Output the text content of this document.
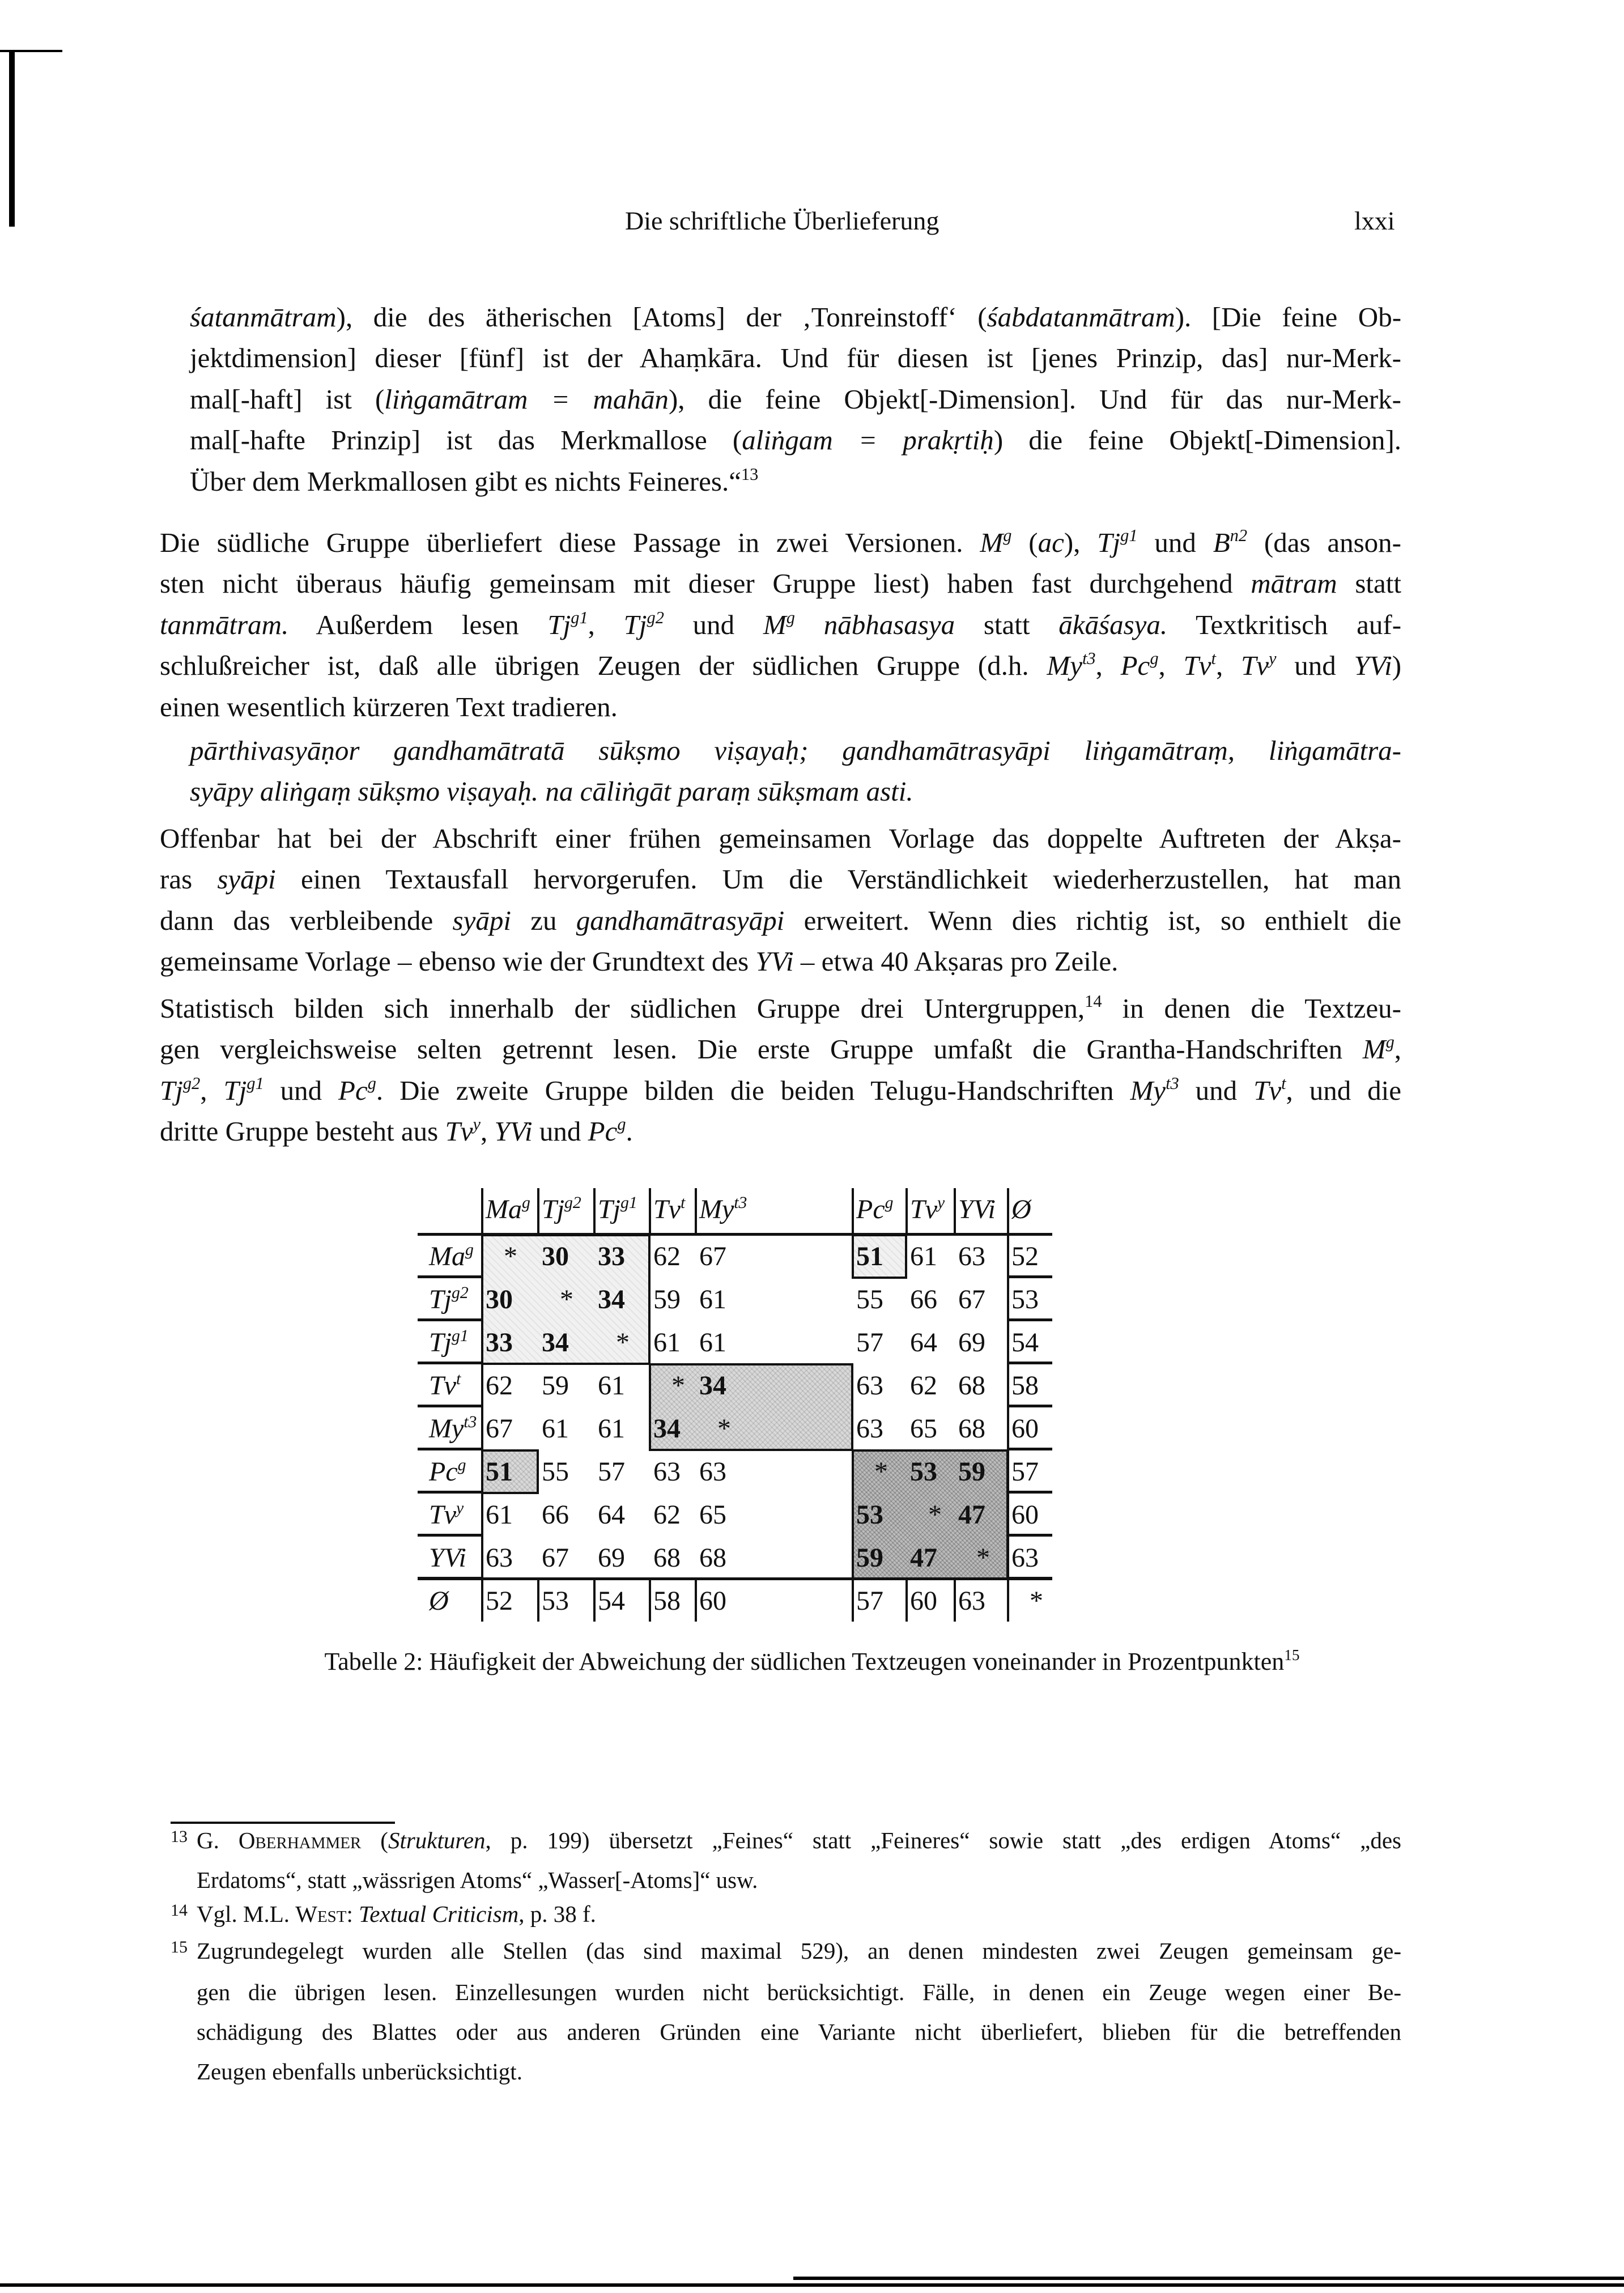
Die schriftliche Überlieferung	lxxi
śatanmātram), die des ätherischen [Atoms] der ‚Tonreinstoff‘ (śabdatanmātram). [Die feine Ob-
jektdimension] dieser [fünf] ist der Ahaṃkāra. Und für diesen ist [jenes Prinzip, das] nur-Merk-
mal[-haft] ist (liṅgamātram = mahān), die feine Objekt[-Dimension]. Und für das nur-Merk-
mal[-hafte Prinzip] ist das Merkmallose (aliṅgam = prakṛtiḥ) die feine Objekt[-Dimension].
Über dem Merkmallosen gibt es nichts Feineres.“$^{13}$
Die südliche Gruppe überliefert diese Passage in zwei Versionen. $M^g$ (ac), $Tj^{g1}$ und $B^{n2}$ (das anson-
sten nicht überaus häufig gemeinsam mit dieser Gruppe liest) haben fast durchgehend mātram statt
tanmātram. Außerdem lesen $Tj^{g1}$, $Tj^{g2}$ und $M^g$ nābhasasya statt ākāśasya. Textkritisch auf-
schlußreicher ist, daß alle übrigen Zeugen der südlichen Gruppe (d.h. $My^{t3}$, Pc$^g$, Tv$^t$, Tv$^y$ und YVi)
einen wesentlich kürzeren Text tradieren.
pārthivasyāṇor gandhamātratā sūkṣmo viṣayaḥ; gandhamātrasyāpi liṅgamātraṃ, liṅgamātra-
syāpy aliṅgaṃ sūkṣmo viṣayaḥ. na cāliṅgāt paraṃ sūkṣmam asti.
Offenbar hat bei der Abschrift einer frühen gemeinsamen Vorlage das doppelte Auftreten der Akṣa-
ras syāpi einen Textausfall hervorgerufen. Um die Verständlichkeit wiederherzustellen, hat man
dann das verbleibende syāpi zu gandhamātrasyāpi erweitert. Wenn dies richtig ist, so enthielt die
gemeinsame Vorlage – ebenso wie der Grundtext des YVi – etwa 40 Akṣaras pro Zeile.
Statistisch bilden sich innerhalb der südlichen Gruppe drei Untergruppen,$^{14}$ in denen die Textzeu-
gen vergleichsweise selten getrennt lesen. Die erste Gruppe umfaßt die Grantha-Handschriften $M^g$,
$Tj^{g2}$, $Tj^{g1}$ und Pc$^g$. Die zweite Gruppe bilden die beiden Telugu-Handschriften $My^{t3}$ und Tv$^t$, und die
dritte Gruppe besteht aus Tv$^y$, YVi und Pc$^g$.
Ma$^g$ $Tj^{g2}$ $Tj^{g1}$ Tv$^t$ $My^{t3}$	Pc$^g$ Tv$^y$ YVi Ø
Ma$^g$ * 30 33 62 67	51 61 63 52
$Tj^{g2}$ 30 * 34 59 61	55 66 67 53
$Tj^{g1}$ 33 34 * 61 61	57 64 69 54
Tv$^t$ 62 59 61 * 34	63 62 68 58
$My^{t3}$ 67 61 61 34 *	63 65 68 60
Pc$^g$ 51 55 57 63 63	* 53 59 57
Tv$^y$ 61 66 64 62 65	53 * 47 60
YVi 63 67 69 68 68	59 47 * 63
Ø 52 53 54 58 60	57 60 63 *
Tabelle 2: Häufigkeit der Abweichung der südlichen Textzeugen voneinander in Prozentpunkten$^{15}$
13 G. Oberhammer (Strukturen, p. 199) übersetzt „Feines“ statt „Feineres“ sowie statt „des erdigen Atoms“ „des
Erdatoms“, statt „wässrigen Atoms“ „Wasser[-Atoms]“ usw.
14 Vgl. M.L. West: Textual Criticism, p. 38 f.
15 Zugrundegelegt wurden alle Stellen (das sind maximal 529), an denen mindesten zwei Zeugen gemeinsam ge-
gen die übrigen lesen. Einzellesungen wurden nicht berücksichtigt. Fälle, in denen ein Zeuge wegen einer Be-
schädigung des Blattes oder aus anderen Gründen eine Variante nicht überliefert, blieben für die betreffenden
Zeugen ebenfalls unberücksichtigt.
